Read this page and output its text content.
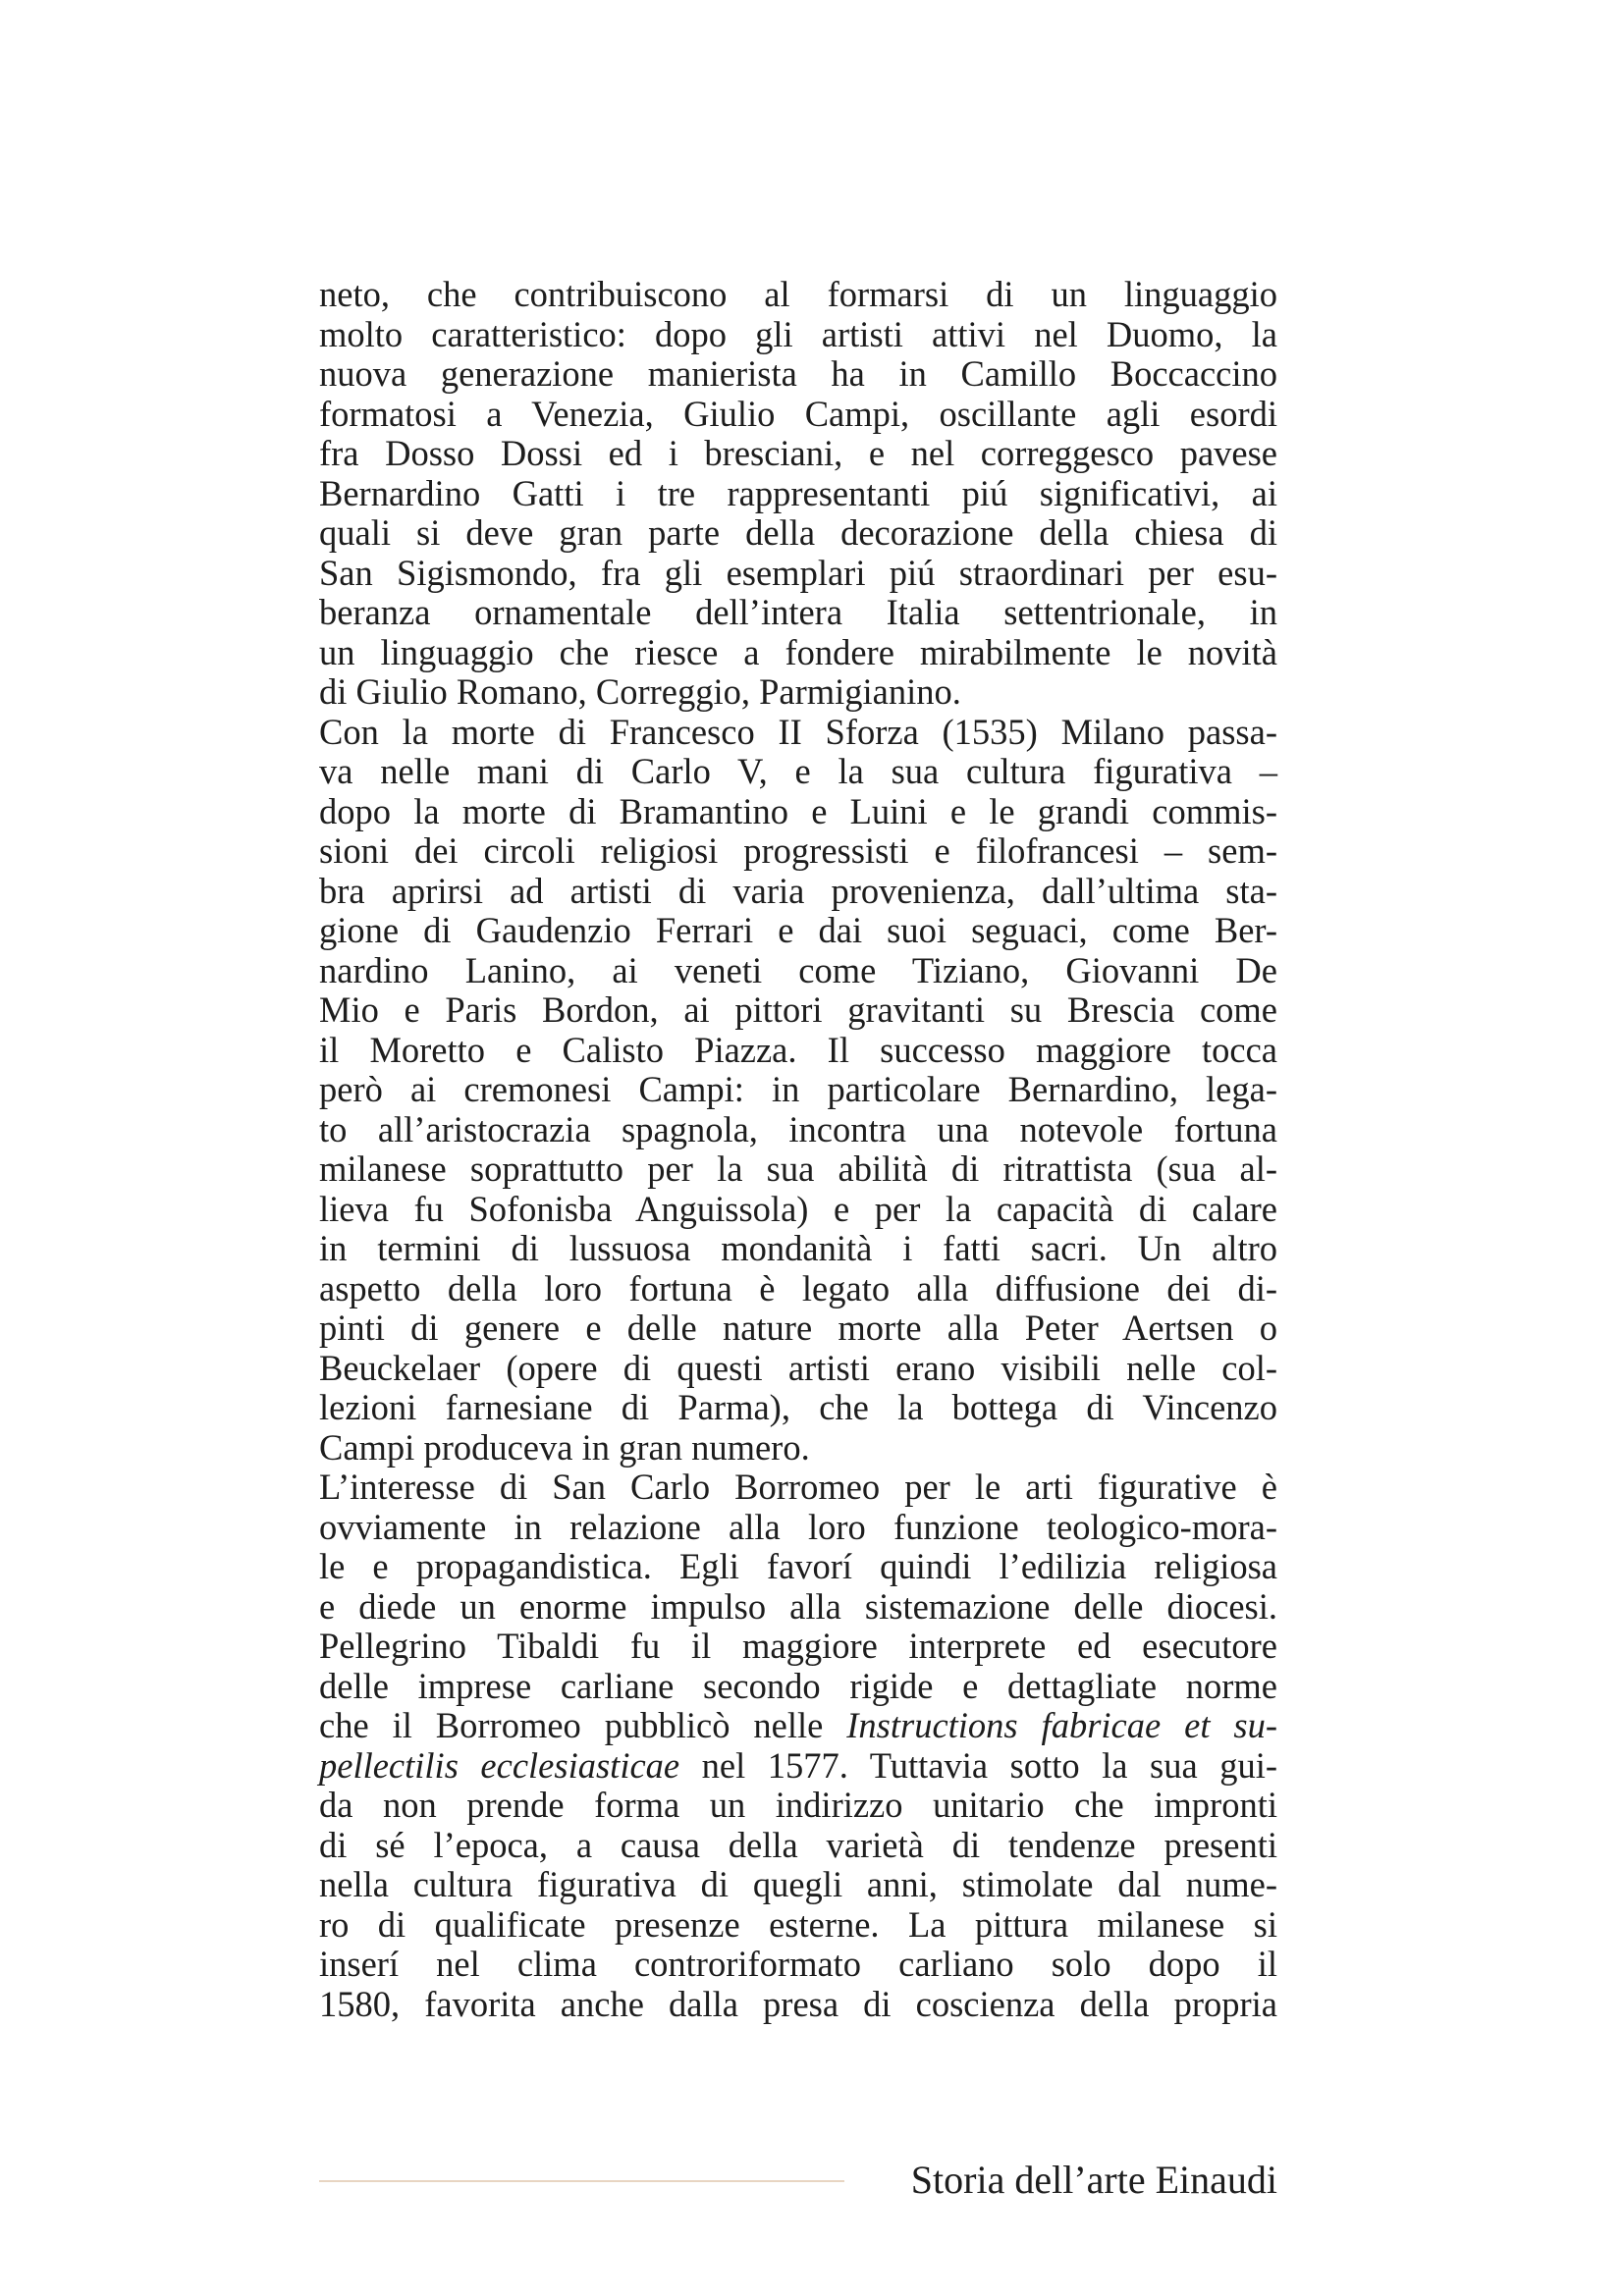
neto, che contribuiscono al formarsi di un linguaggio
molto caratteristico: dopo gli artisti attivi nel Duomo, la
nuova generazione manierista ha in Camillo Boccaccino
formatosi a Venezia, Giulio Campi, oscillante agli esordi
fra Dosso Dossi ed i bresciani, e nel correggesco pavese
Bernardino Gatti i tre rappresentanti piú significativi, ai
quali si deve gran parte della decorazione della chiesa di
San Sigismondo, fra gli esemplari piú straordinari per esu-
beranza ornamentale dell’intera Italia settentrionale, in
un linguaggio che riesce a fondere mirabilmente le novità
di Giulio Romano, Correggio, Parmigianino.
Con la morte di Francesco II Sforza (1535) Milano passa-
va nelle mani di Carlo V, e la sua cultura figurativa –
dopo la morte di Bramantino e Luini e le grandi commis-
sioni dei circoli religiosi progressisti e filofrancesi – sem-
bra aprirsi ad artisti di varia provenienza, dall’ultima sta-
gione di Gaudenzio Ferrari e dai suoi seguaci, come Ber-
nardino Lanino, ai veneti come Tiziano, Giovanni De
Mio e Paris Bordon, ai pittori gravitanti su Brescia come
il Moretto e Calisto Piazza. Il successo maggiore tocca
però ai cremonesi Campi: in particolare Bernardino, lega-
to all’aristocrazia spagnola, incontra una notevole fortuna
milanese soprattutto per la sua abilità di ritrattista (sua al-
lieva fu Sofonisba Anguissola) e per la capacità di calare
in termini di lussuosa mondanità i fatti sacri. Un altro
aspetto della loro fortuna è legato alla diffusione dei di-
pinti di genere e delle nature morte alla Peter Aertsen o
Beuckelaer (opere di questi artisti erano visibili nelle col-
lezioni farnesiane di Parma), che la bottega di Vincenzo
Campi produceva in gran numero.
L’interesse di San Carlo Borromeo per le arti figurative è
ovviamente in relazione alla loro funzione teologico-mora-
le e propagandistica. Egli favorí quindi l’edilizia religiosa
e diede un enorme impulso alla sistemazione delle diocesi.
Pellegrino Tibaldi fu il maggiore interprete ed esecutore
delle imprese carliane secondo rigide e dettagliate norme
che il Borromeo pubblicò nelle Instructions fabricae et su-
pellectilis ecclesiasticae nel 1577. Tuttavia sotto la sua gui-
da non prende forma un indirizzo unitario che impronti
di sé l’epoca, a causa della varietà di tendenze presenti
nella cultura figurativa di quegli anni, stimolate dal nume-
ro di qualificate presenze esterne. La pittura milanese si
inserí nel clima controriformato carliano solo dopo il
1580, favorita anche dalla presa di coscienza della propria
Storia dell’arte Einaudi
